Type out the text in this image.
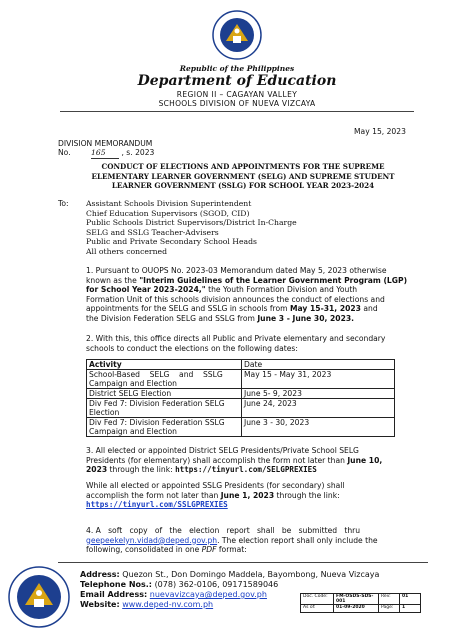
Republic of the Philippines
Department of Education
REGION II – CAGAYAN VALLEY
SCHOOLS DIVISION OF NUEVA VIZCAYA
May 15, 2023
DIVISION MEMORANDUM
No.	165 , s. 2023
CONDUCT OF ELECTIONS AND APPOINTMENTS FOR THE SUPREME
ELEMENTARY LEARNER GOVERNMENT (SELG) AND SUPREME STUDENT
LEARNER GOVERNMENT (SSLG) FOR SCHOOL YEAR 2023-2024
To: Assistant Schools Division Superintendent
Chief Education Supervisors (SGOD, CID)
Public Schools District Supervisors/District In-Charge
SELG and SSLG Teacher-Advisers
Public and Private Secondary School Heads
All others concerned
1. Pursuant to OUOPS No. 2023-03 Memorandum dated May 5, 2023 otherwise
known as the "Interim Guidelines of the Learner Government Program (LGP)
for School Year 2023-2024," the Youth Formation Division and Youth
Formation Unit of this schools division announces the conduct of elections and
appointments for the SELG and SSLG in schools from May 15-31, 2023 and
the Division Federation SELG and SSLG from June 3 - June 30, 2023.
2. With this, this office directs all Public and Private elementary and secondary
schools to conduct the elections on the following dates:
Activity	Date

School-Based    SELG    and    SSLG
Campaign and Election	May 15 - May 31, 2023
District SELG Election	June 5- 9, 2023

Div Fed 7: Division Federation SELG
Election	June 24, 2023

Div Fed 7: Division Federation SSLG
Campaign and Election	June 3 - 30, 2023
3. All elected or appointed District SELG Presidents/Private School SELG
Presidents (for elementary) shall accomplish the form not later than June 10,
2023 through the link: https://tinyurl.com/SELGPREXIES
While all elected or appointed SSLG Presidents (for secondary) shall
accomplish the form not later than June 1, 2023 through the link:
https://tinyurl.com/SSLGPREXIES
4. A   soft   copy   of   the   election   report   shall   be   submitted   thru
geepeekelyn.vidad@deped.gov.ph. The election report shall only include the
following, consolidated in one PDF format:
Address: Quezon St., Don Domingo Maddela, Bayombong, Nueva Vizcaya
Telephone Nos.: (078) 362-0106, 09171589046
Email Address: nuevavizcaya@deped.gov.ph
Website: www.deped-nv.com.ph
Doc. Code:	FM-OSDS-SDS-001	Rev:	01
As of:	01-09-2020	Page:	1
